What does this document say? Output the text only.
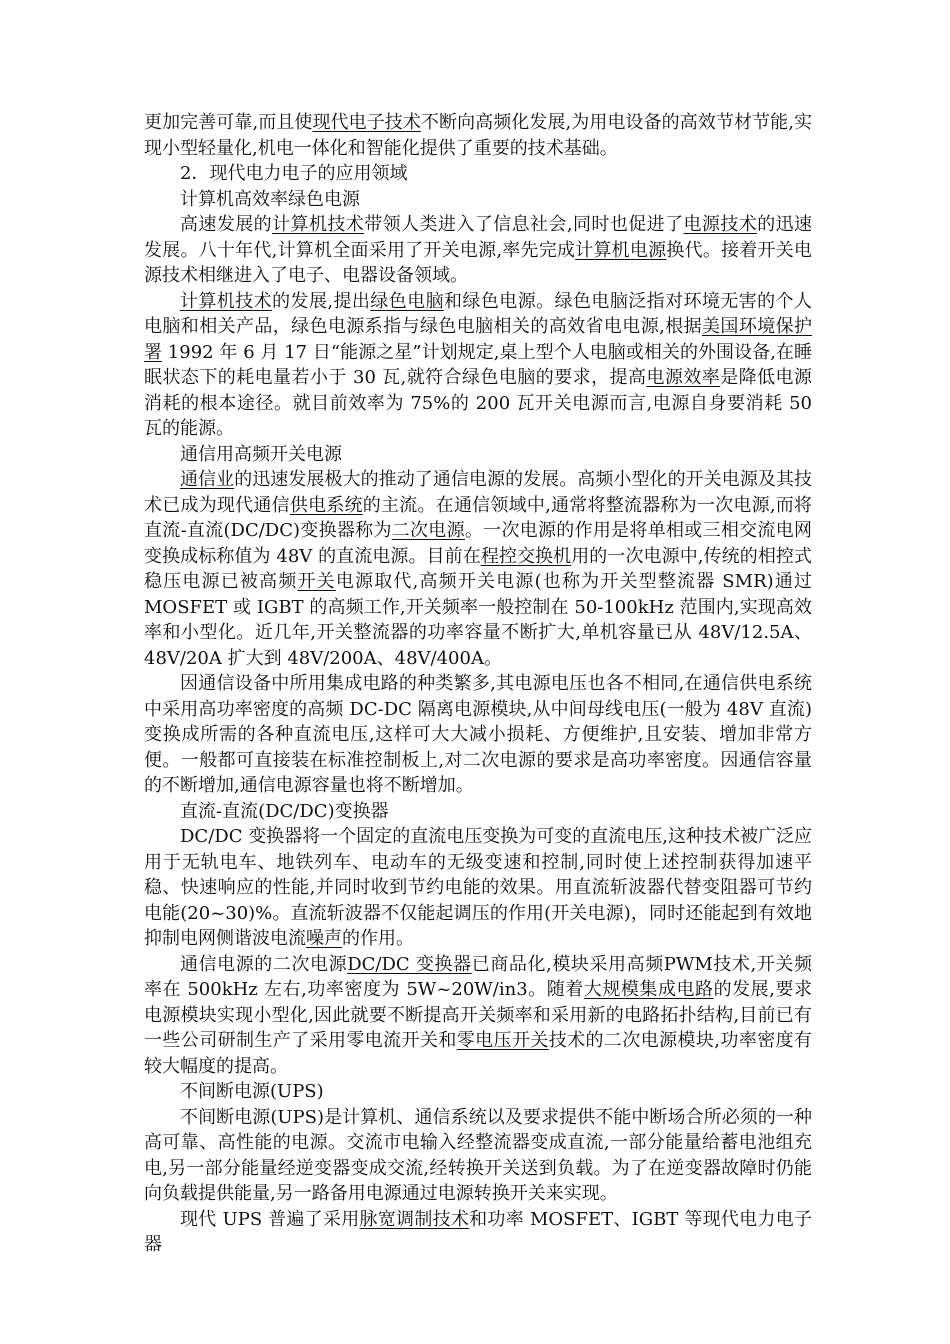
更加完善可靠,而且使现代电子技术不断向高频化发展,为用电设备的高效节材节能,实现小型轻量化,机电一体化和智能化提供了重要的技术基础。

2．现代电力电子的应用领域
计算机高效率绿色电源

高速发展的计算机技术带领人类进入了信息社会,同时也促进了电源技术的迅速发展。八十年代,计算机全面采用了开关电源,率先完成计算机电源换代。接着开关电源技术相继进入了电子、电器设备领域。

计算机技术的发展,提出绿色电脑和绿色电源。绿色电脑泛指对环境无害的个人电脑和相关产品，绿色电源系指与绿色电脑相关的高效省电电源,根据美国环境保护署 1992 年 6 月 17 日“能源之星”计划规定,桌上型个人电脑或相关的外围设备,在睡眠状态下的耗电量若小于 30 瓦,就符合绿色电脑的要求，提高电源效率是降低电源消耗的根本途径。就目前效率为 75%的 200 瓦开关电源而言,电源自身要消耗 50 瓦的能源。

通信用高频开关电源

通信业的迅速发展极大的推动了通信电源的发展。高频小型化的开关电源及其技术已成为现代通信供电系统的主流。在通信领域中,通常将整流器称为一次电源,而将直流-直流(DC/DC)变换器称为二次电源。一次电源的作用是将单相或三相交流电网变换成标称值为 48V 的直流电源。目前在程控交换机用的一次电源中,传统的相控式稳压电源已被高频开关电源取代,高频开关电源(也称为开关型整流器 SMR)通过 MOSFET 或 IGBT 的高频工作,开关频率一般控制在 50-100kHz 范围内,实现高效率和小型化。近几年,开关整流器的功率容量不断扩大,单机容量已从 48V/12.5A、48V/20A 扩大到 48V/200A、48V/400A。

因通信设备中所用集成电路的种类繁多,其电源电压也各不相同,在通信供电系统中采用高功率密度的高频 DC-DC 隔离电源模块,从中间母线电压(一般为 48V 直流)变换成所需的各种直流电压,这样可大大减小损耗、方便维护,且安装、增加非常方便。一般都可直接装在标准控制板上,对二次电源的要求是高功率密度。因通信容量的不断增加,通信电源容量也将不断增加。

直流-直流(DC/DC)变换器

DC/DC 变换器将一个固定的直流电压变换为可变的直流电压,这种技术被广泛应用于无轨电车、地铁列车、电动车的无级变速和控制,同时使上述控制获得加速平稳、快速响应的性能,并同时收到节约电能的效果。用直流斩波器代替变阻器可节约电能(20~30)%。直流斩波器不仅能起调压的作用(开关电源)，同时还能起到有效地抑制电网侧谐波电流噪声的作用。

通信电源的二次电源DC/DC 变换器已商品化,模块采用高频PWM技术,开关频率在 500kHz 左右,功率密度为 5W~20W/in3。随着大规模集成电路的发展,要求电源模块实现小型化,因此就要不断提高开关频率和采用新的电路拓扑结构,目前已有一些公司研制生产了采用零电流开关和零电压开关技术的二次电源模块,功率密度有较大幅度的提高。

不间断电源(UPS)

不间断电源(UPS)是计算机、通信系统以及要求提供不能中断场合所必须的一种高可靠、高性能的电源。交流市电输入经整流器变成直流,一部分能量给蓄电池组充电,另一部分能量经逆变器变成交流,经转换开关送到负载。为了在逆变器故障时仍能向负载提供能量,另一路备用电源通过电源转换开关来实现。

现代 UPS 普遍了采用脉宽调制技术和功率 MOSFET、IGBT 等现代电力电子器
